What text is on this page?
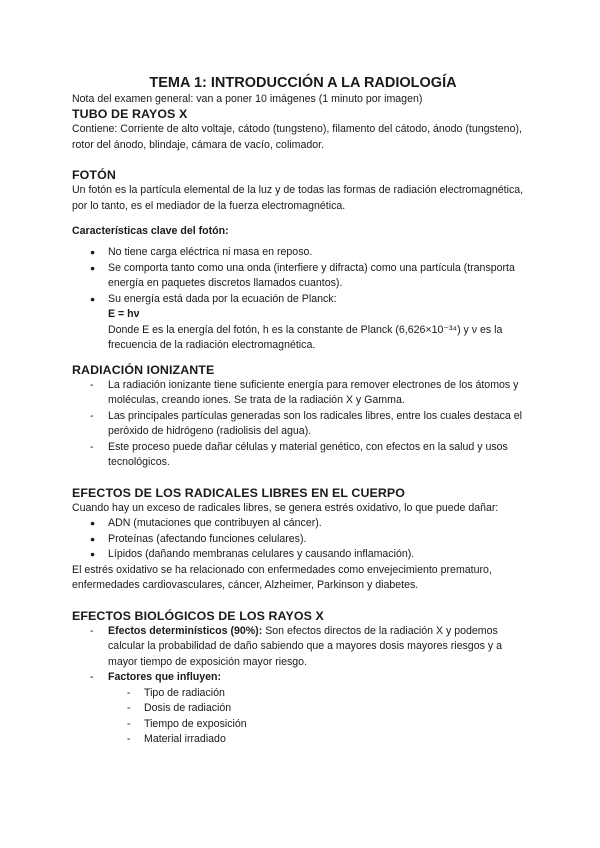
TEMA 1: INTRODUCCIÓN A LA RADIOLOGÍA

Nota del examen general: van a poner 10 imágenes (1 minuto por imagen)

TUBO DE RAYOS X

Contiene: Corriente de alto voltaje, cátodo (tungsteno), filamento del cátodo, ánodo (tungsteno), rotor del ánodo, blindaje, cámara de vacío, colimador.

FOTÓN

Un fotón es la partícula elemental de la luz y de todas las formas de radiación electromagnética, por lo tanto, es el mediador de la fuerza electromagnética.

Características clave del fotón:

● No tiene carga eléctrica ni masa en reposo.
● Se comporta tanto como una onda (interfiere y difracta) como una partícula (transporta energía en paquetes discretos llamados cuantos).
● Su energía está dada por la ecuación de Planck:
E = hν
Donde E es la energía del fotón, h es la constante de Planck (6,626×10⁻³⁴) y ν es la frecuencia de la radiación electromagnética.

RADIACIÓN IONIZANTE

- La radiación ionizante tiene suficiente energía para remover electrones de los átomos y moléculas, creando iones. Se trata de la radiación X y Gamma.
- Las principales partículas generadas son los radicales libres, entre los cuales destaca el peróxido de hidrógeno (radiolisis del agua).
- Este proceso puede dañar células y material genético, con efectos en la salud y usos tecnológicos.

EFECTOS DE LOS RADICALES LIBRES EN EL CUERPO

Cuando hay un exceso de radicales libres, se genera estrés oxidativo, lo que puede dañar:

● ADN (mutaciones que contribuyen al cáncer).
● Proteínas (afectando funciones celulares).
● Lípidos (dañando membranas celulares y causando inflamación).

El estrés oxidativo se ha relacionado con enfermedades como envejecimiento prematuro, enfermedades cardiovasculares, cáncer, Alzheimer, Parkinson y diabetes.

EFECTOS BIOLÓGICOS DE LOS RAYOS X

- Efectos determinísticos (90%): Son efectos directos de la radiación X y podemos calcular la probabilidad de daño sabiendo que a mayores dosis mayores riesgos y a mayor tiempo de exposición mayor riesgo.
- Factores que influyen:
- Tipo de radiación
- Dosis de radiación
- Tiempo de exposición
- Material irradiado
